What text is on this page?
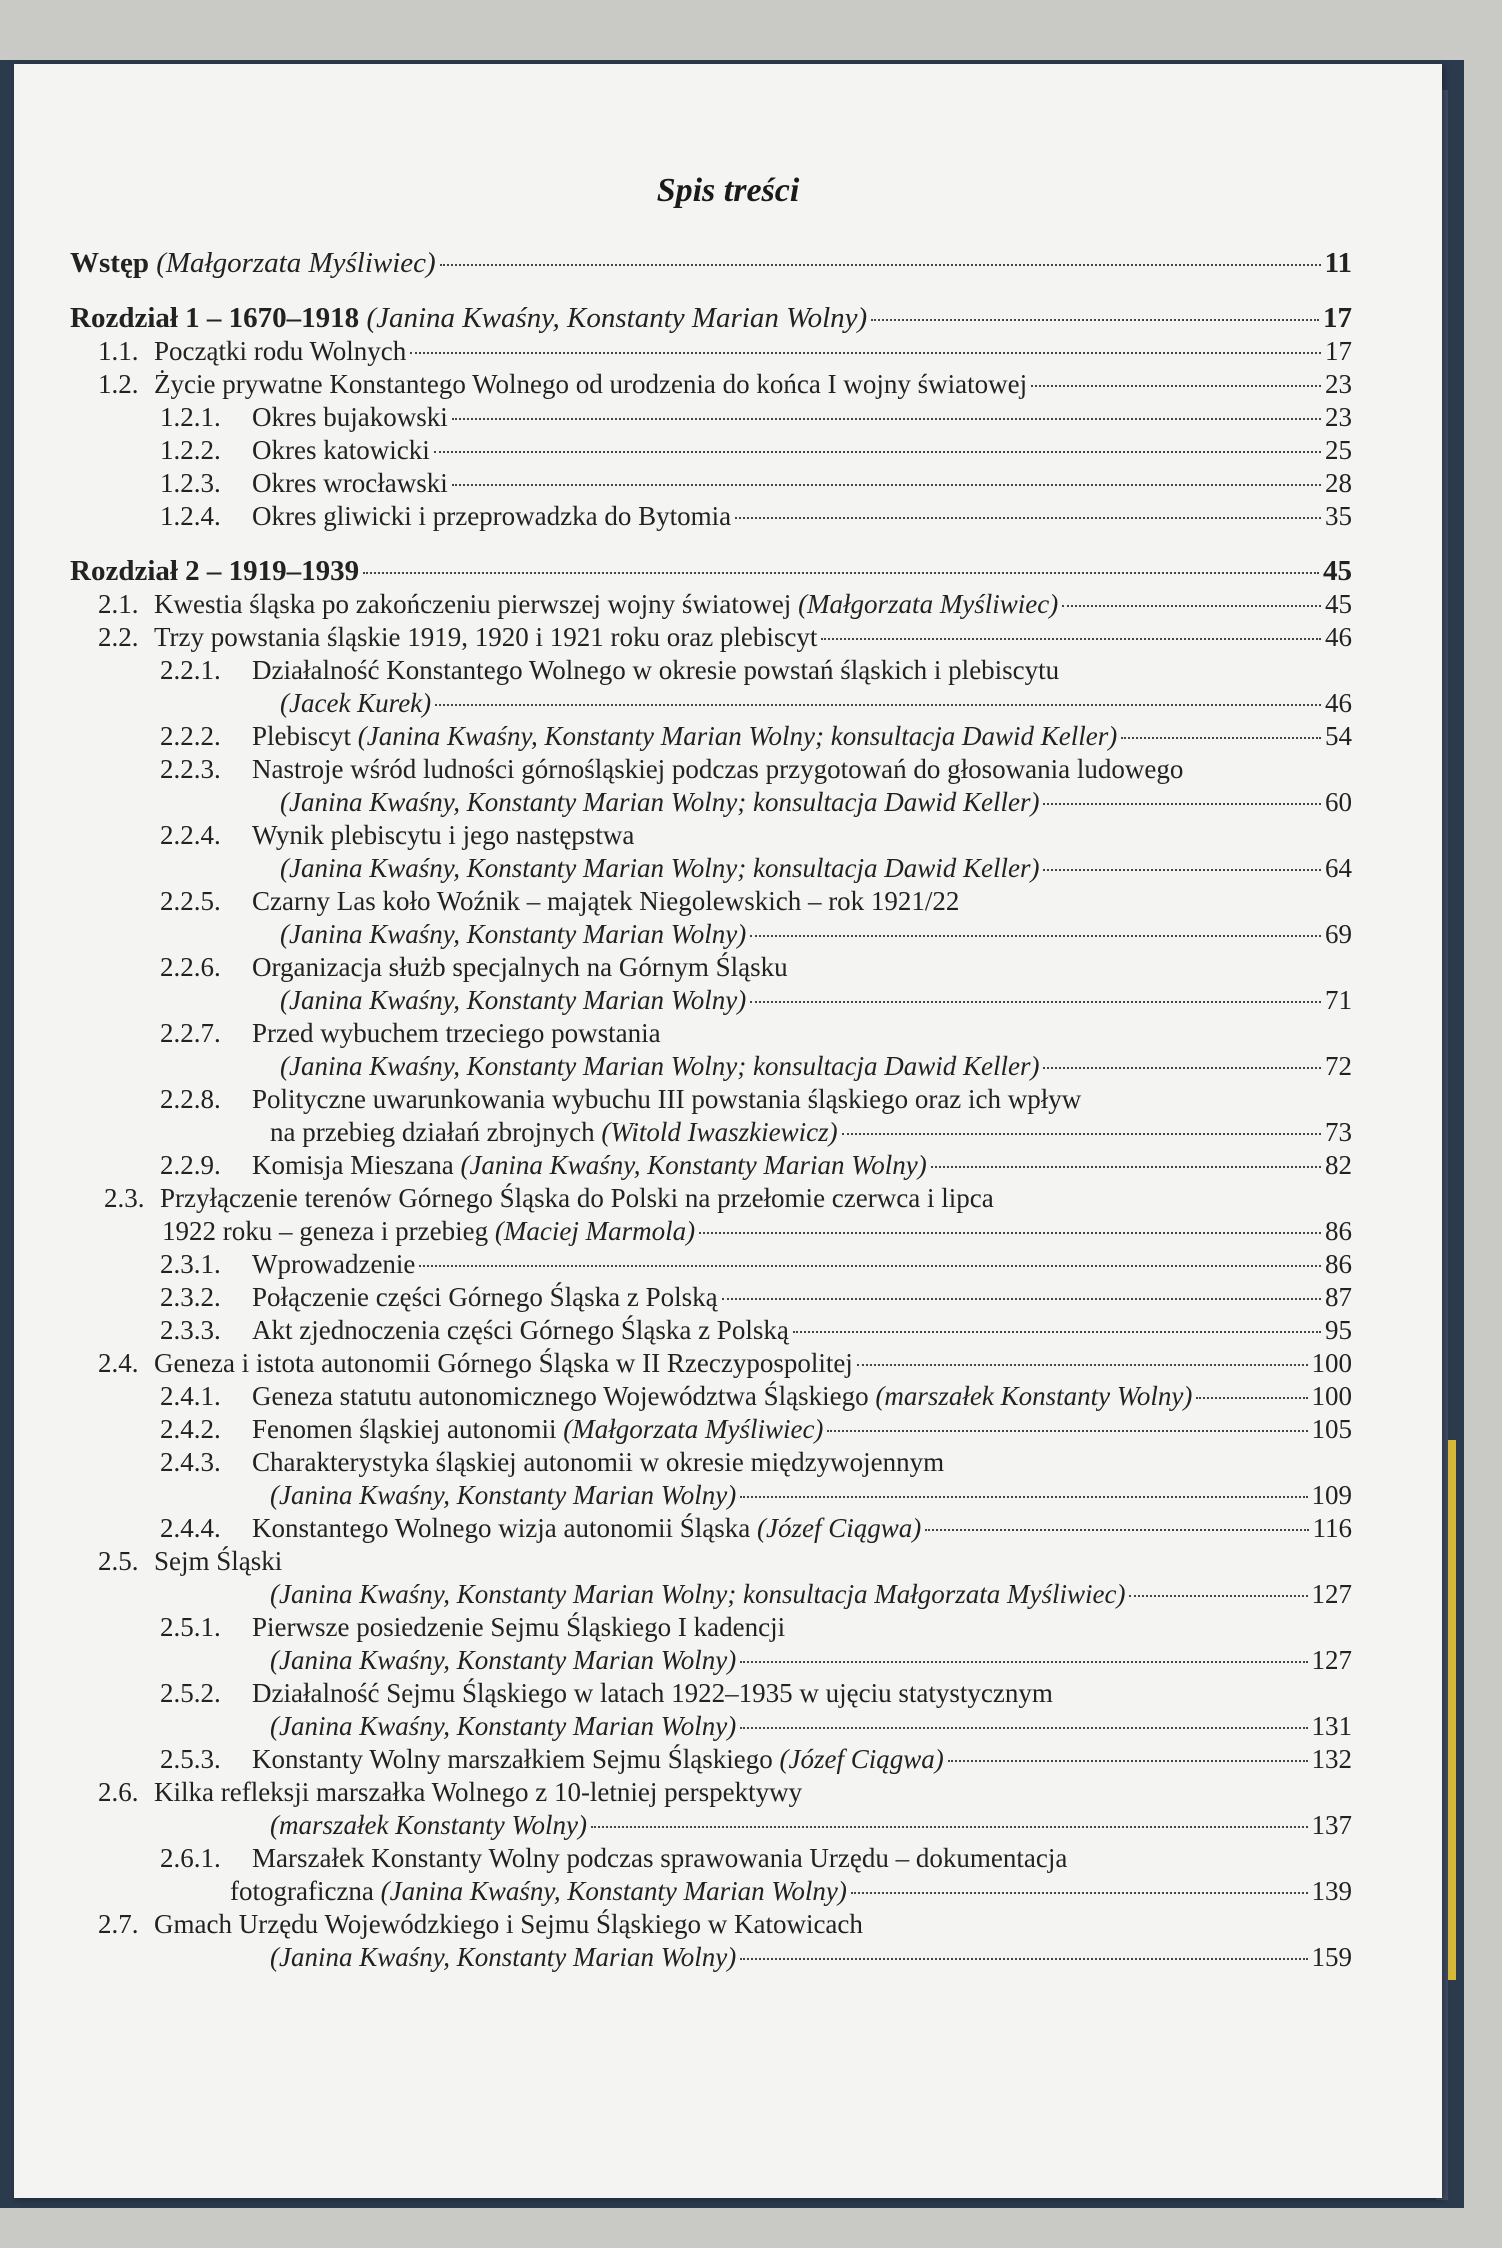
Spis treści
Wstęp
(Małgorzata Myśliwiec)	11
Rozdział 1 – 1670–1918
(Janina Kwaśny, Konstanty Marian Wolny)	17
1.1. Początki rodu Wolnych	17
1.2. Życie prywatne Konstantego Wolnego od urodzenia do końca I wojny światowej	23
1.2.1.	Okres bujakowski	23
1.2.2.	Okres katowicki	25
1.2.3.	Okres wrocławski	28
1.2.4.	Okres gliwicki i przeprowadzka do Bytomia	35
Rozdział 2 – 1919–1939	45
2.1. Kwestia śląska po zakończeniu pierwszej wojny światowej
(Małgorzata Myśliwiec)	45
2.2. Trzy powstania śląskie 1919, 1920 i 1921 roku oraz plebiscyt	46
2.2.1. Działalność Konstantego Wolnego w okresie powstań śląskich i plebiscytu
(Jacek Kurek)	46
2.2.2.	Plebiscyt
(Janina Kwaśny, Konstanty Marian Wolny; konsultacja Dawid Keller)	54
2.2.3. Nastroje wśród ludności górnośląskiej podczas przygotowań do głosowania ludowego
(Janina Kwaśny, Konstanty Marian Wolny; konsultacja Dawid Keller)	60
2.2.4. Wynik plebiscytu i jego następstwa
(Janina Kwaśny, Konstanty Marian Wolny; konsultacja Dawid Keller)	64
2.2.5. Czarny Las koło Woźnik – majątek Niegolewskich – rok 1921/22
(Janina Kwaśny, Konstanty Marian Wolny)	69
2.2.6. Organizacja służb specjalnych na Górnym Śląsku
(Janina Kwaśny, Konstanty Marian Wolny)	71
2.2.7. Przed wybuchem trzeciego powstania
(Janina Kwaśny, Konstanty Marian Wolny; konsultacja Dawid Keller)	72
2.2.8. Polityczne uwarunkowania wybuchu III powstania śląskiego oraz ich wpływ
na przebieg działań zbrojnych
(Witold Iwaszkiewicz)	73
2.2.9.	Komisja Mieszana
(Janina Kwaśny, Konstanty Marian Wolny)	82
2.3. Przyłączenie terenów Górnego Śląska do Polski na przełomie czerwca i lipca
1922 roku – geneza i przebieg
(Maciej Marmola)	86
2.3.1.	Wprowadzenie	86
2.3.2.	Połączenie części Górnego Śląska z Polską	87
2.3.3.	Akt zjednoczenia części Górnego Śląska z Polską	95
2.4. Geneza i istota autonomii Górnego Śląska w II Rzeczypospolitej	100
2.4.1.	Geneza statutu autonomicznego Województwa Śląskiego
(marszałek Konstanty Wolny)	100
2.4.2.	Fenomen śląskiej autonomii
(Małgorzata Myśliwiec)	105
2.4.3. Charakterystyka śląskiej autonomii w okresie międzywojennym
(Janina Kwaśny, Konstanty Marian Wolny)	109
2.4.4.	Konstantego Wolnego wizja autonomii Śląska
(Józef Ciągwa)	116
2.5. Sejm Śląski
(Janina Kwaśny, Konstanty Marian Wolny; konsultacja Małgorzata Myśliwiec)	127
2.5.1. Pierwsze posiedzenie Sejmu Śląskiego I kadencji
(Janina Kwaśny, Konstanty Marian Wolny)	127
2.5.2. Działalność Sejmu Śląskiego w latach 1922–1935 w ujęciu statystycznym
(Janina Kwaśny, Konstanty Marian Wolny)	131
2.5.3.	Konstanty Wolny marszałkiem Sejmu Śląskiego
(Józef Ciągwa)	132
2.6. Kilka refleksji marszałka Wolnego z 10-letniej perspektywy
(marszałek Konstanty Wolny)	137
2.6.1. Marszałek Konstanty Wolny podczas sprawowania Urzędu – dokumentacja
fotograficzna
(Janina Kwaśny, Konstanty Marian Wolny)	139
2.7. Gmach Urzędu Wojewódzkiego i Sejmu Śląskiego w Katowicach
(Janina Kwaśny, Konstanty Marian Wolny)	159
